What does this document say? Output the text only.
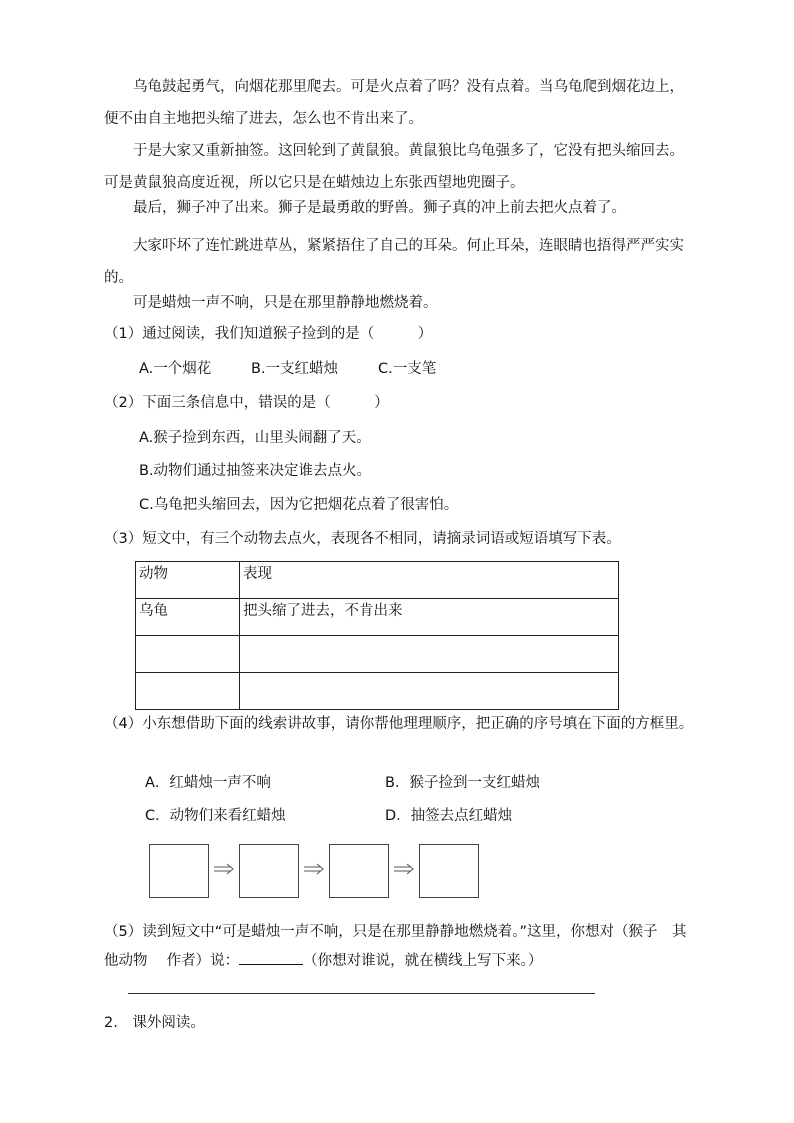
乌龟鼓起勇气，向烟花那里爬去。可是火点着了吗？没有点着。当乌龟爬到烟花边上，便不由自主地把头缩了进去，怎么也不肯出来了。
于是大家又重新抽签。这回轮到了黄鼠狼。黄鼠狼比乌龟强多了，它没有把头缩回去。可是黄鼠狼高度近视，所以它只是在蜡烛边上东张西望地兜圈子。
最后，狮子冲了出来。狮子是最勇敢的野兽。狮子真的冲上前去把火点着了。
大家吓坏了连忙跳进草丛，紧紧捂住了自己的耳朵。何止耳朵，连眼睛也捂得严严实实的。
可是蜡烛一声不响，只是在那里静静地燃烧着。
（1）通过阅读，我们知道猴子捡到的是（　　　）
A.一个烟花	B.一支红蜡烛	C.一支笔
（2）下面三条信息中，错误的是（　　　）
A.猴子捡到东西，山里头闹翻了天。
B.动物们通过抽签来决定谁去点火。
C.乌龟把头缩回去，因为它把烟花点着了很害怕。
（3）短文中，有三个动物去点火，表现各不相同，请摘录词语或短语填写下表。
动物	表现
乌龟	把头缩了进去，不肯出来

（4）小东想借助下面的线索讲故事，请你帮他理理顺序，把正确的序号填在下面的方框里。
A．红蜡烛一声不响	B．猴子捡到一支红蜡烛
C．动物们来看红蜡烛	D．抽签去点红蜡烛
（5）读到短文中“可是蜡烛一声不响，只是在那里静静地燃烧着。”这里，你想对（猴子　其他动物　 作者）说：	（你想对谁说，就在横线上写下来。）
2.　课外阅读。
